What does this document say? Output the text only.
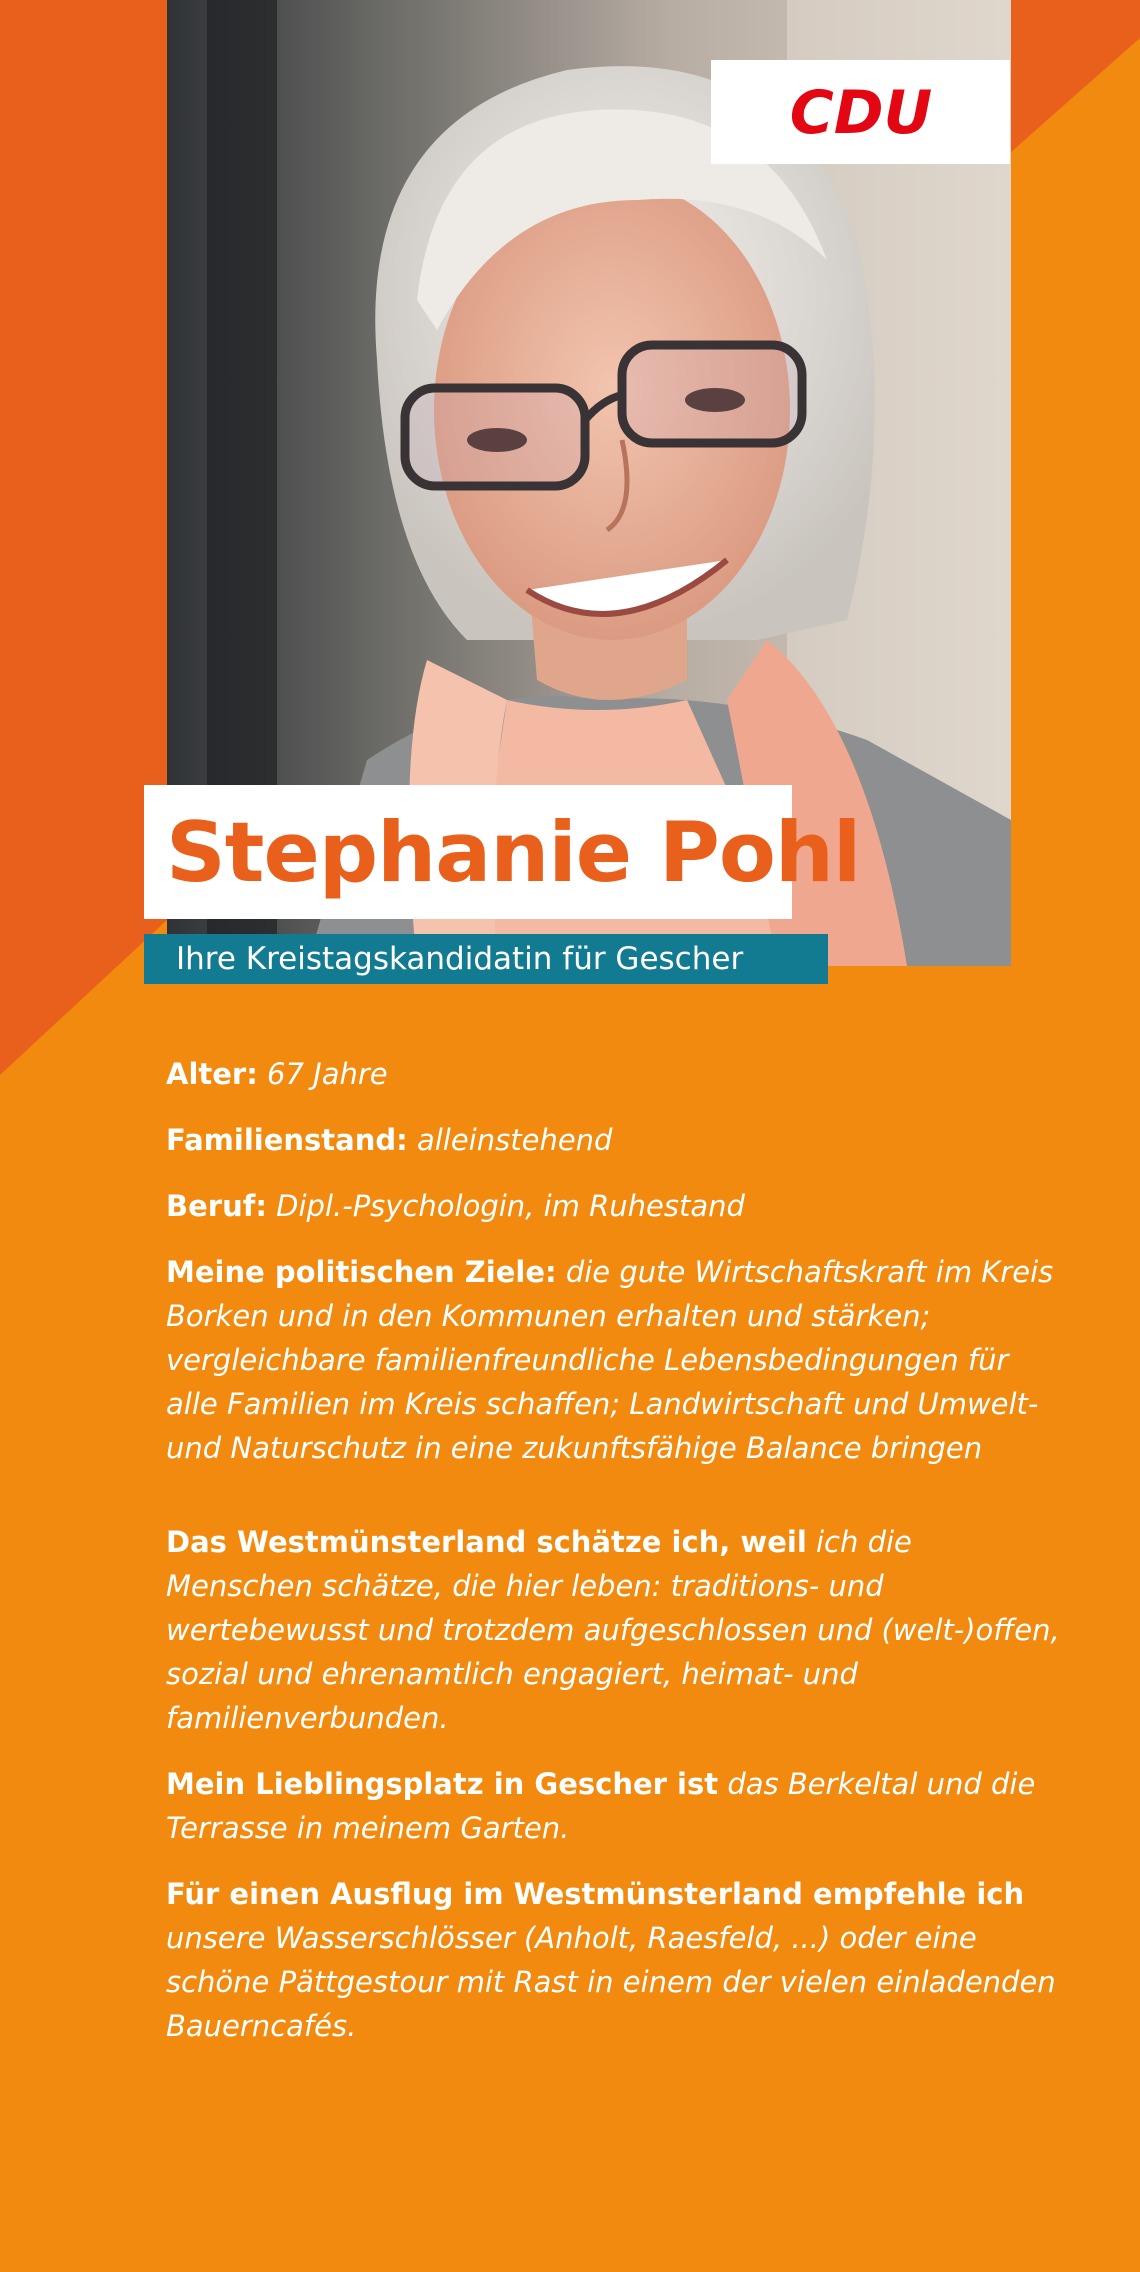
CDU
Stephanie Pohl
Ihre Kreistagskandidatin für Gescher

Alter: 67 Jahre

Familienstand: alleinstehend

Beruf: Dipl.-Psychologin, im Ruhestand

Meine politischen Ziele: die gute Wirtschaftskraft im Kreis Borken und in den Kommunen erhalten und stärken; vergleichbare familienfreundliche Lebensbedingungen für alle Familien im Kreis schaffen; Landwirtschaft und Umwelt- und Naturschutz in eine zukunftsfähige Balance bringen

Das Westmünsterland schätze ich, weil ich die Menschen schätze, die hier leben: traditions- und wertebewusst und trotzdem aufgeschlossen und (welt-)offen, sozial und ehrenamtlich engagiert, heimat- und familienverbunden.

Mein Lieblingsplatz in Gescher ist das Berkeltal und die Terrasse in meinem Garten.

Für einen Ausflug im Westmünsterland empfehle ich unsere Wasserschlösser (Anholt, Raesfeld, ...) oder eine schöne Pättgestour mit Rast in einem der vielen einladenden Bauerncafés.
